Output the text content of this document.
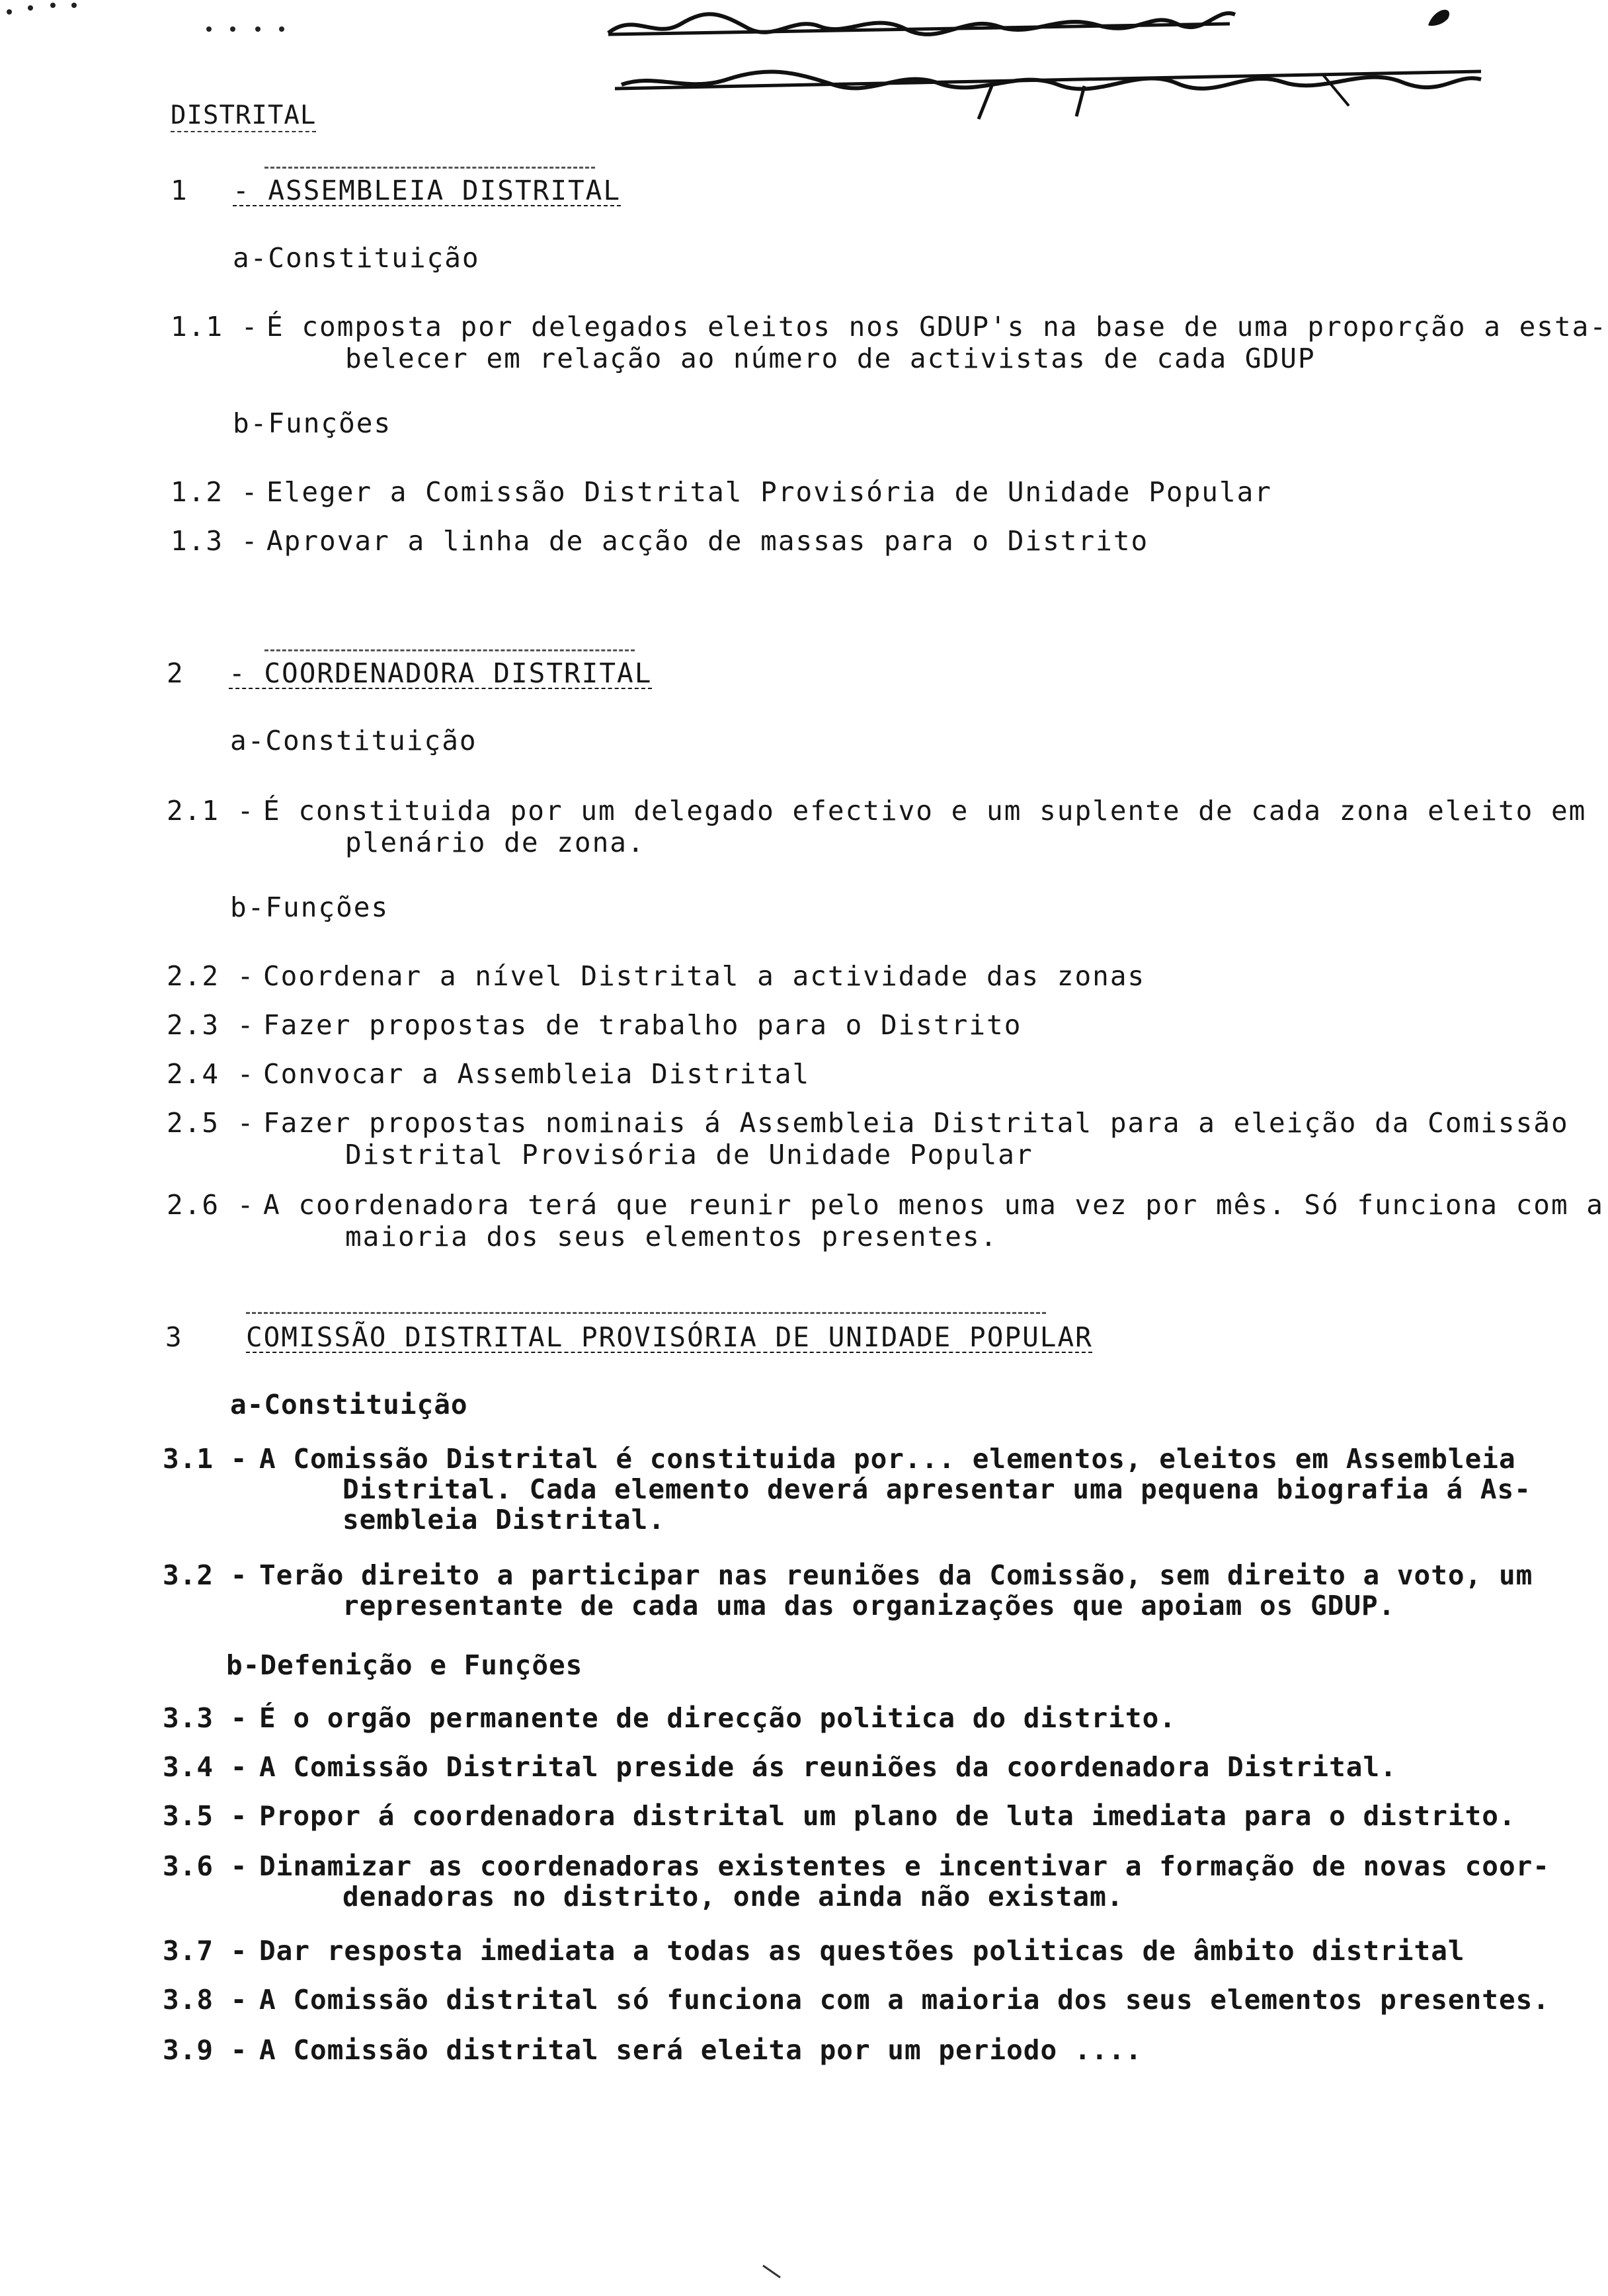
DISTRITAL
1 - ASSEMBLEIA DISTRITAL
a-Constituição
1.1 - É composta por delegados eleitos nos GDUP's na base de uma proporção a esta-
belecer em relação ao número de activistas de cada GDUP
b-Funções
1.2 - Eleger a Comissão Distrital Provisória de Unidade Popular
1.3 - Aprovar a linha de acção de massas para o Distrito
2 - COORDENADORA DISTRITAL
a-Constituição
2.1 - É constituida por um delegado efectivo e um suplente de cada zona eleito em
plenário de zona.
b-Funções
2.2 - Coordenar a nível Distrital a actividade das zonas
2.3 - Fazer propostas de trabalho para o Distrito
2.4 - Convocar a Assembleia Distrital
2.5 - Fazer propostas nominais á Assembleia Distrital para a eleição da Comissão
Distrital Provisória de Unidade Popular
2.6 - A coordenadora terá que reunir pelo menos uma vez por mês. Só funciona com a
maioria dos seus elementos presentes.
3 COMISSÃO DISTRITAL PROVISÓRIA DE UNIDADE POPULAR
a-Constituição
3.1 - A Comissão Distrital é constituida por... elementos, eleitos em Assembleia
Distrital. Cada elemento deverá apresentar uma pequena biografia á As-
sembleia Distrital.
3.2 - Terão direito a participar nas reuniões da Comissão, sem direito a voto, um
representante de cada uma das organizações que apoiam os GDUP.
b-Defenição e Funções
3.3 - É o orgão permanente de direcção politica do distrito.
3.4 - A Comissão Distrital preside ás reuniões da coordenadora Distrital.
3.5 - Propor á coordenadora distrital um plano de luta imediata para o distrito.
3.6 - Dinamizar as coordenadoras existentes e incentivar a formação de novas coor-
denadoras no distrito, onde ainda não existam.
3.7 - Dar resposta imediata a todas as questões politicas de âmbito distrital
3.8 - A Comissão distrital só funciona com a maioria dos seus elementos presentes.
3.9 - A Comissão distrital será eleita por um periodo ....
